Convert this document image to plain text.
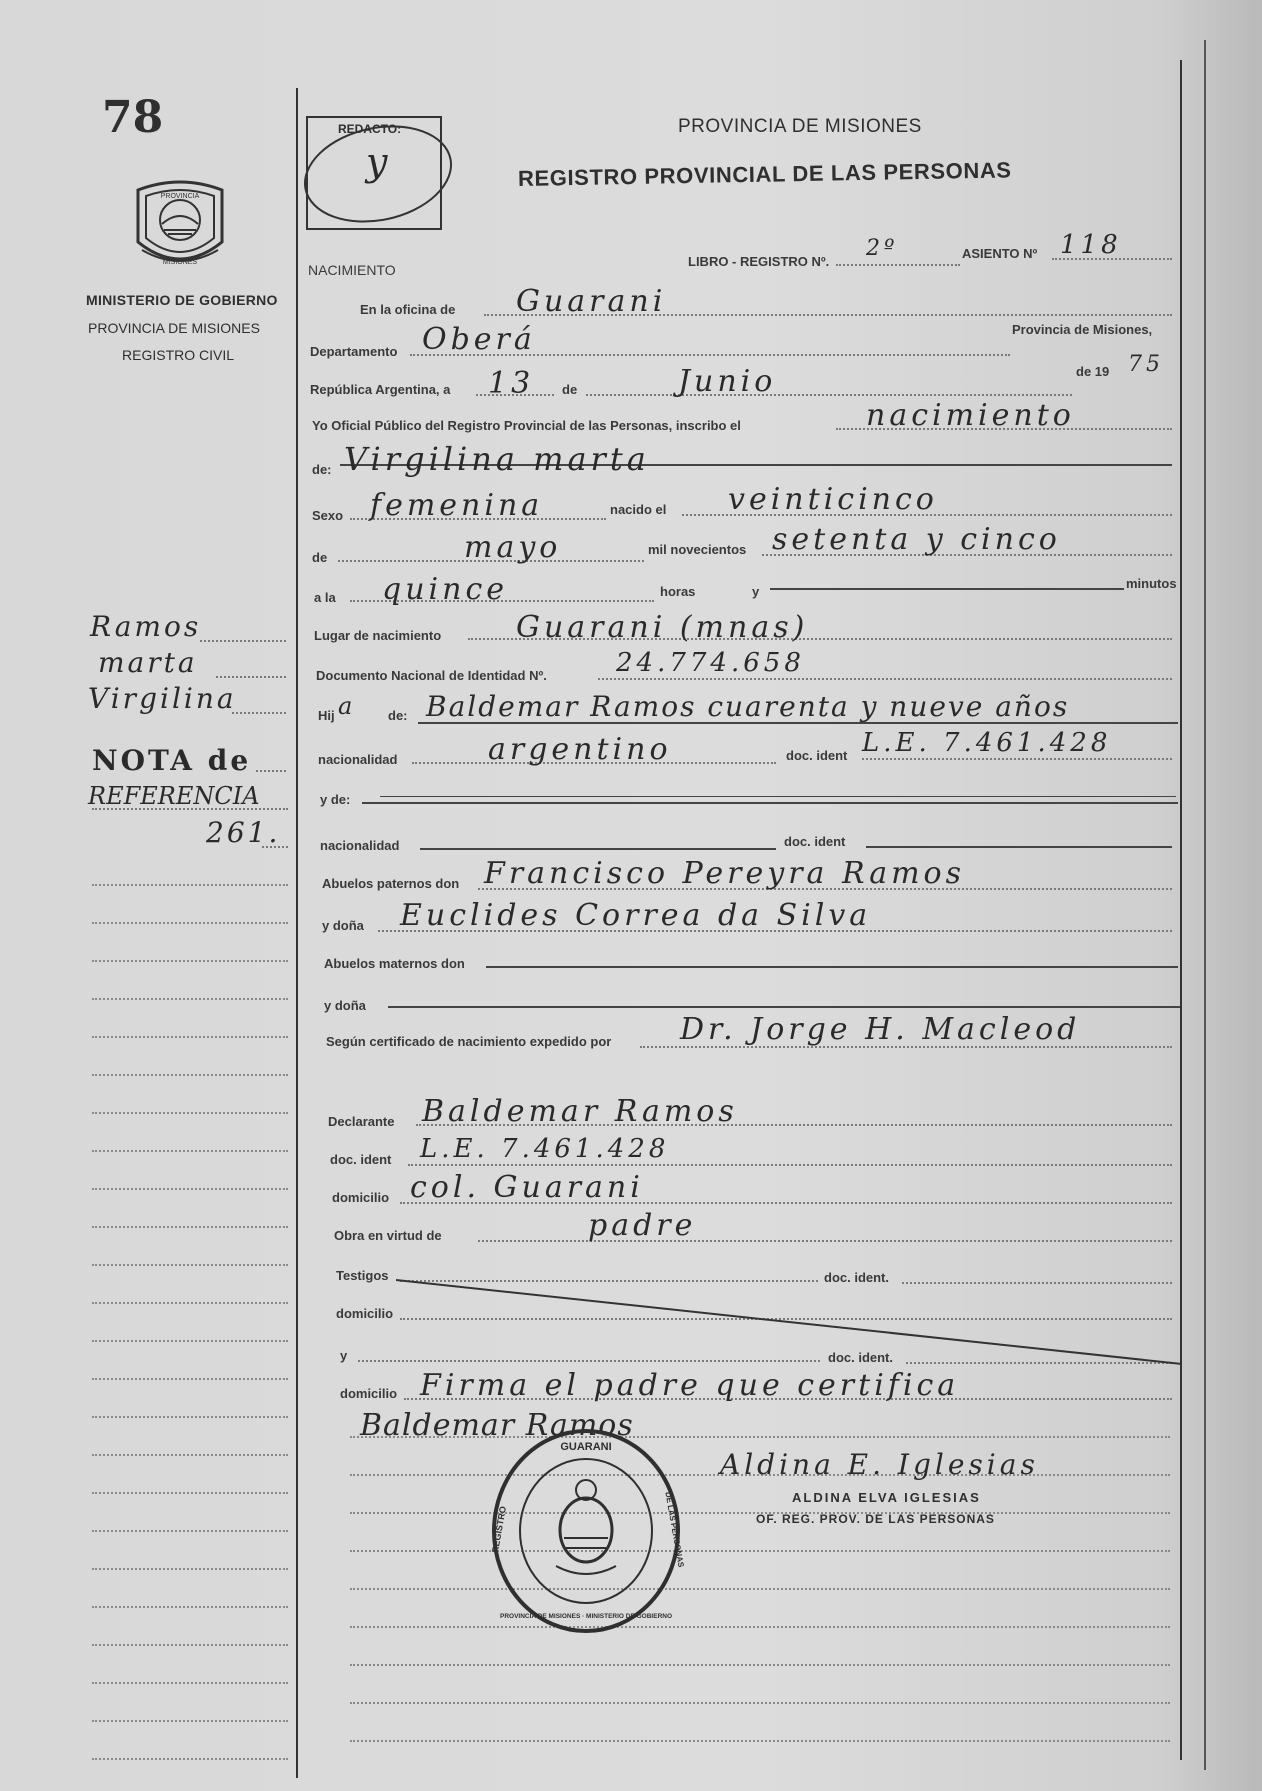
78
PROVINCIA
MISIONES
MINISTERIO DE GOBIERNO
PROVINCIA DE MISIONES
REGISTRO CIVIL
REDACTO:
y
PROVINCIA DE MISIONES
REGISTRO PROVINCIAL DE LAS PERSONAS
NACIMIENTO
LIBRO - REGISTRO Nº.
2º	ASIENTO Nº 118
En la oficina de Guarani
Departamento Oberá	Provincia de Misiones,
República Argentina, a 13 de	Junio	de 19 75
Yo Oficial Público del Registro Provincial de las Personas, inscribo el	nacimiento
de: Virgilina marta
Sexo femenina	nacido el veinticinco
de	mayo	mil novecientos setenta y cinco
a la quince	horas	y
minutos
Lugar de nacimiento Guarani (mnas)
Documento Nacional de Identidad Nº.	24.774.658
Hij a de: Baldemar Ramos cuarenta y nueve años
nacionalidad	argentino	doc. ident L.E. 7.461.428
y de:
nacionalidad	doc. ident
Abuelos paternos don Francisco Pereyra Ramos
y doña Euclides Correa da Silva
Abuelos maternos don
y doña
Según certificado de nacimiento expedido por Dr. Jorge H. Macleod
Declarante Baldemar Ramos
doc. ident L.E. 7.461.428
domicilio col. Guarani
Obra en virtud de	padre
Testigos	doc. ident.
domicilio
y	doc. ident.
domicilio Firma el padre que certifica
Baldemar Ramos
Aldina E. Iglesias
ALDINA ELVA IGLESIAS
OF. REG. PROV. DE LAS PERSONAS
GUARANI
REGISTRO	DE LAS PERSONAS
PROVINCIA DE MISIONES · MINISTERIO DE GOBIERNO
Ramos
marta
Virgilina
NOTA de
REFERENCIA
261.
